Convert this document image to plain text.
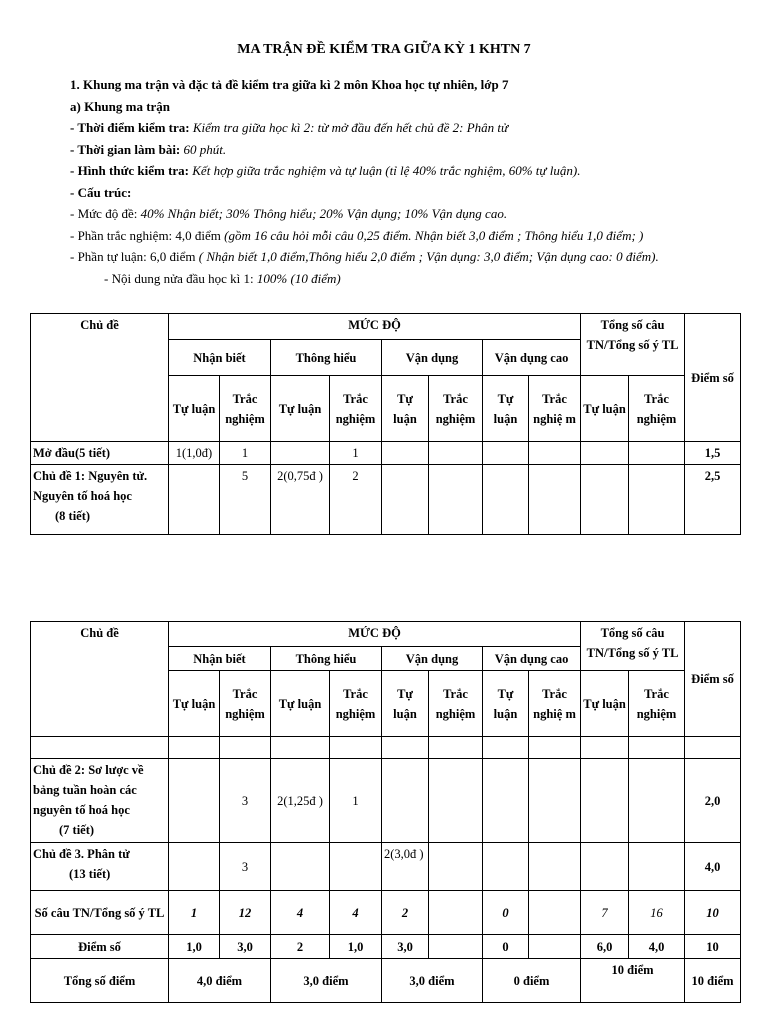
MA TRẬN ĐỀ KIỂM TRA GIỮA KỲ 1 KHTN 7
1. Khung ma trận và đặc tả đề kiểm tra giữa kì 2 môn Khoa học tự nhiên, lớp 7
a) Khung ma trận
- Thời điểm kiểm tra: Kiểm tra giữa học kì 2: từ mở đầu đến hết chủ đề 2: Phân tử
- Thời gian làm bài: 60 phút.
- Hình thức kiểm tra: Kết hợp giữa trắc nghiệm và tự luận (tỉ lệ 40% trắc nghiệm, 60% tự luận).
- Cấu trúc:
- Mức độ đề: 40% Nhận biết; 30% Thông hiểu; 20% Vận dụng; 10% Vận dụng cao.
- Phần trắc nghiệm: 4,0 điểm (gồm 16 câu hỏi mỗi câu 0,25 điểm. Nhận biết 3,0 điểm ; Thông hiểu 1,0 điểm; )
- Phần tự luận: 6,0 điểm ( Nhận biết 1,0 điểm,Thông hiểu 2,0 điểm ; Vận dụng: 3,0 điểm; Vận dụng cao: 0 điểm).
- Nội dung nửa đầu học kì 1: 100% (10 điểm)
Chủ đề	MỨC ĐỘ								Tổng số câu TN/Tổng số ý TL		Điểm số
	Nhận biết		Thông hiểu		Vận dụng		Vận dụng cao				
	Tự luận	Trắc nghiệm	Tự luận	Trắc nghiệm	Tự luận	Trắc nghiệm	Tự luận	Trắc nghiệ m	Tự luận	Trắc nghiệm	
Mở đầu(5 tiết)	1(1,0đ)	1		1							1,5

Chủ đề 1: Nguyên tử. Nguyên tố hoá học
(8 tiết)		5	2(0,75đ )	2							2,5
Chủ đề	MỨC ĐỘ								Tổng số câu TN/Tổng số ý TL		Điểm số
	Nhận biết		Thông hiểu		Vận dụng		Vận dụng cao				
	Tự luận	Trắc nghiệm	Tự luận	Trắc nghiệm	Tự luận	Trắc nghiệm	Tự luận	Trắc nghiệ m	Tự luận	Trắc nghiệm	

Chủ đề 2: Sơ lược về bảng tuần hoàn các nguyên tố hoá học
(7 tiết)		3	2(1,25đ )	1							2,0

Chủ đề 3. Phân tử
(13 tiết)		3			2(3,0đ )						4,0
Số câu TN/Tổng số ý TL	1	12	4	4	2		0		7	16	10
Điểm số	1,0	3,0	2	1,0	3,0		0		6,0	4,0	10
Tổng số điểm	4,0 điểm		3,0 điểm		3,0 điểm		0 điểm		10 điểm		10 điểm
